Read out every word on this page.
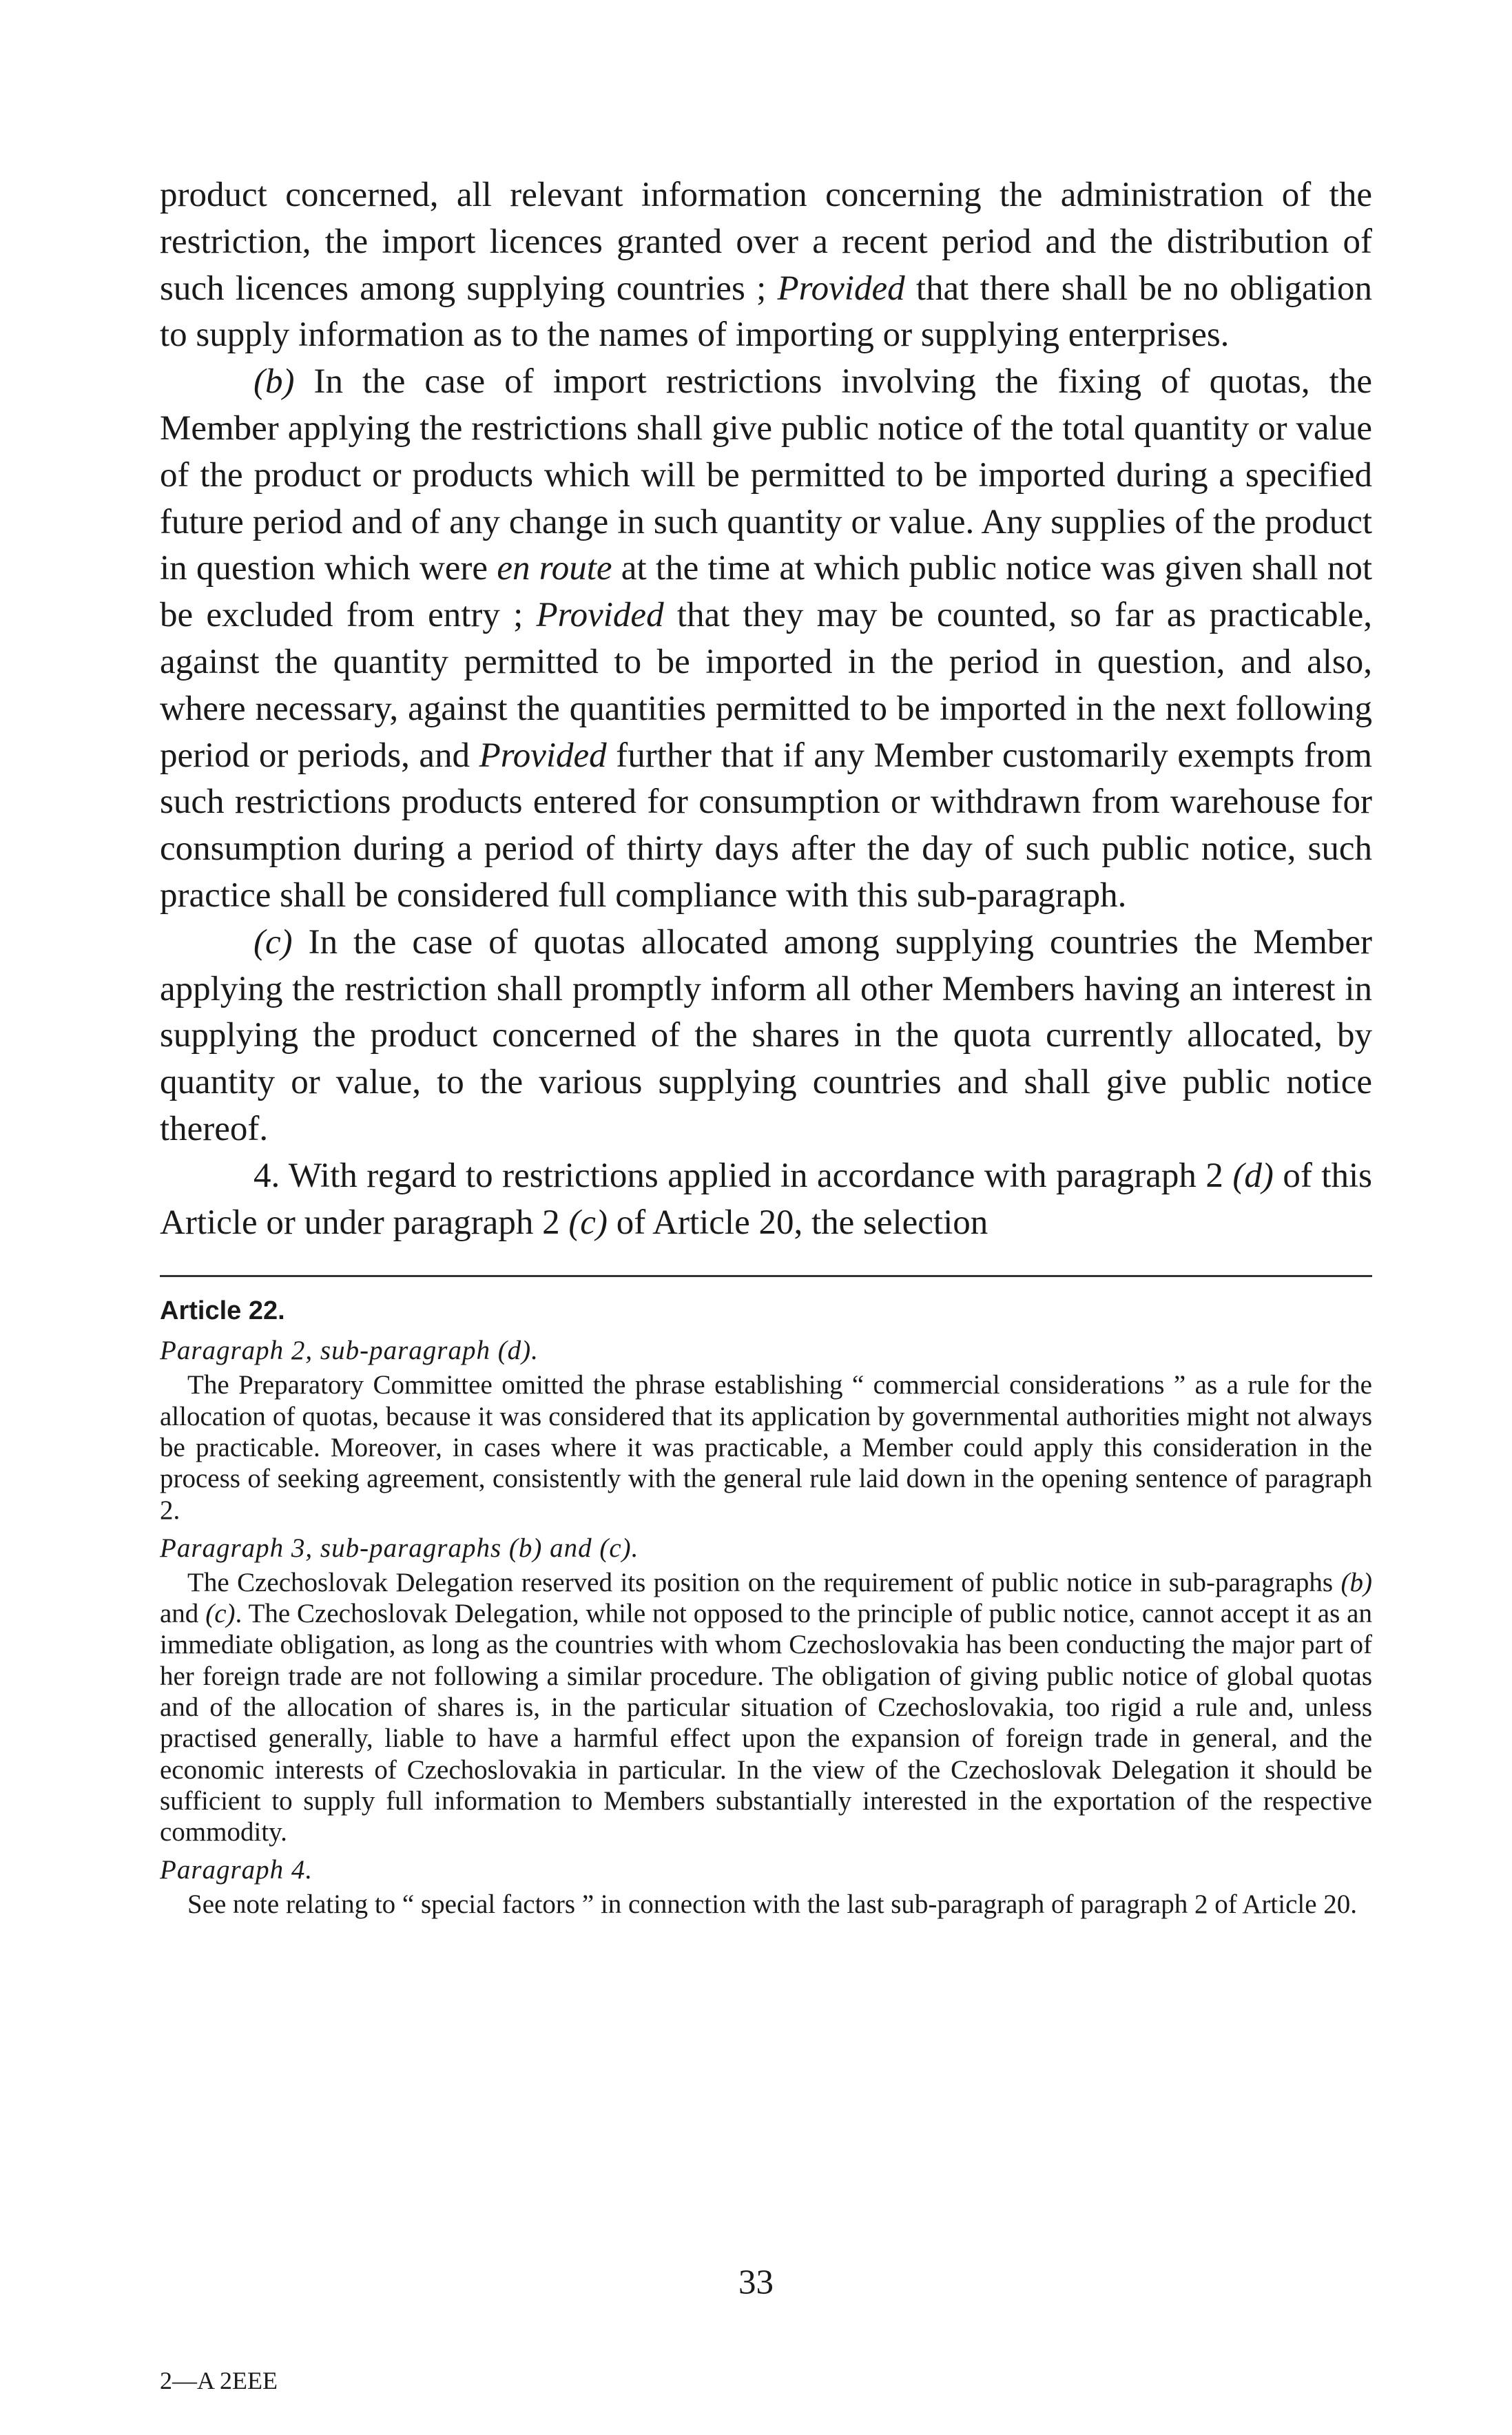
product concerned, all relevant information concerning the administration of the restriction, the import licences granted over a recent period and the distribution of such licences among supplying countries ; Provided that there shall be no obligation to supply information as to the names of importing or supplying enterprises.

(b) In the case of import restrictions involving the fixing of quotas, the Member applying the restrictions shall give public notice of the total quantity or value of the product or products which will be permitted to be imported during a specified future period and of any change in such quantity or value. Any supplies of the product in question which were en route at the time at which public notice was given shall not be excluded from entry ; Provided that they may be counted, so far as practicable, against the quantity permitted to be imported in the period in question, and also, where necessary, against the quantities permitted to be imported in the next following period or periods, and Provided further that if any Member customarily exempts from such restrictions products entered for consumption or withdrawn from warehouse for consumption during a period of thirty days after the day of such public notice, such practice shall be considered full compliance with this sub-paragraph.

(c) In the case of quotas allocated among supplying countries the Member applying the restriction shall promptly inform all other Members having an interest in supplying the product concerned of the shares in the quota currently allocated, by quantity or value, to the various supplying countries and shall give public notice thereof.

4. With regard to restrictions applied in accordance with paragraph 2 (d) of this Article or under paragraph 2 (c) of Article 20, the selection

Article 22.
Paragraph 2, sub-paragraph (d).

The Preparatory Committee omitted the phrase establishing “ commercial considerations ” as a rule for the allocation of quotas, because it was considered that its application by governmental authorities might not always be practicable. Moreover, in cases where it was practicable, a Member could apply this consideration in the process of seeking agreement, consistently with the general rule laid down in the opening sentence of paragraph 2.

Paragraph 3, sub-paragraphs (b) and (c).

The Czechoslovak Delegation reserved its position on the requirement of public notice in sub-paragraphs (b) and (c). The Czechoslovak Delegation, while not opposed to the principle of public notice, cannot accept it as an immediate obligation, as long as the countries with whom Czechoslovakia has been conducting the major part of her foreign trade are not following a similar procedure. The obligation of giving public notice of global quotas and of the allocation of shares is, in the particular situation of Czechoslovakia, too rigid a rule and, unless practised generally, liable to have a harmful effect upon the expansion of foreign trade in general, and the economic interests of Czechoslovakia in particular. In the view of the Czechoslovak Delegation it should be sufficient to supply full information to Members substantially interested in the exportation of the respective commodity.

Paragraph 4.

See note relating to “ special factors ” in connection with the last sub-paragraph of paragraph 2 of Article 20.

33
2—A 2EEE
